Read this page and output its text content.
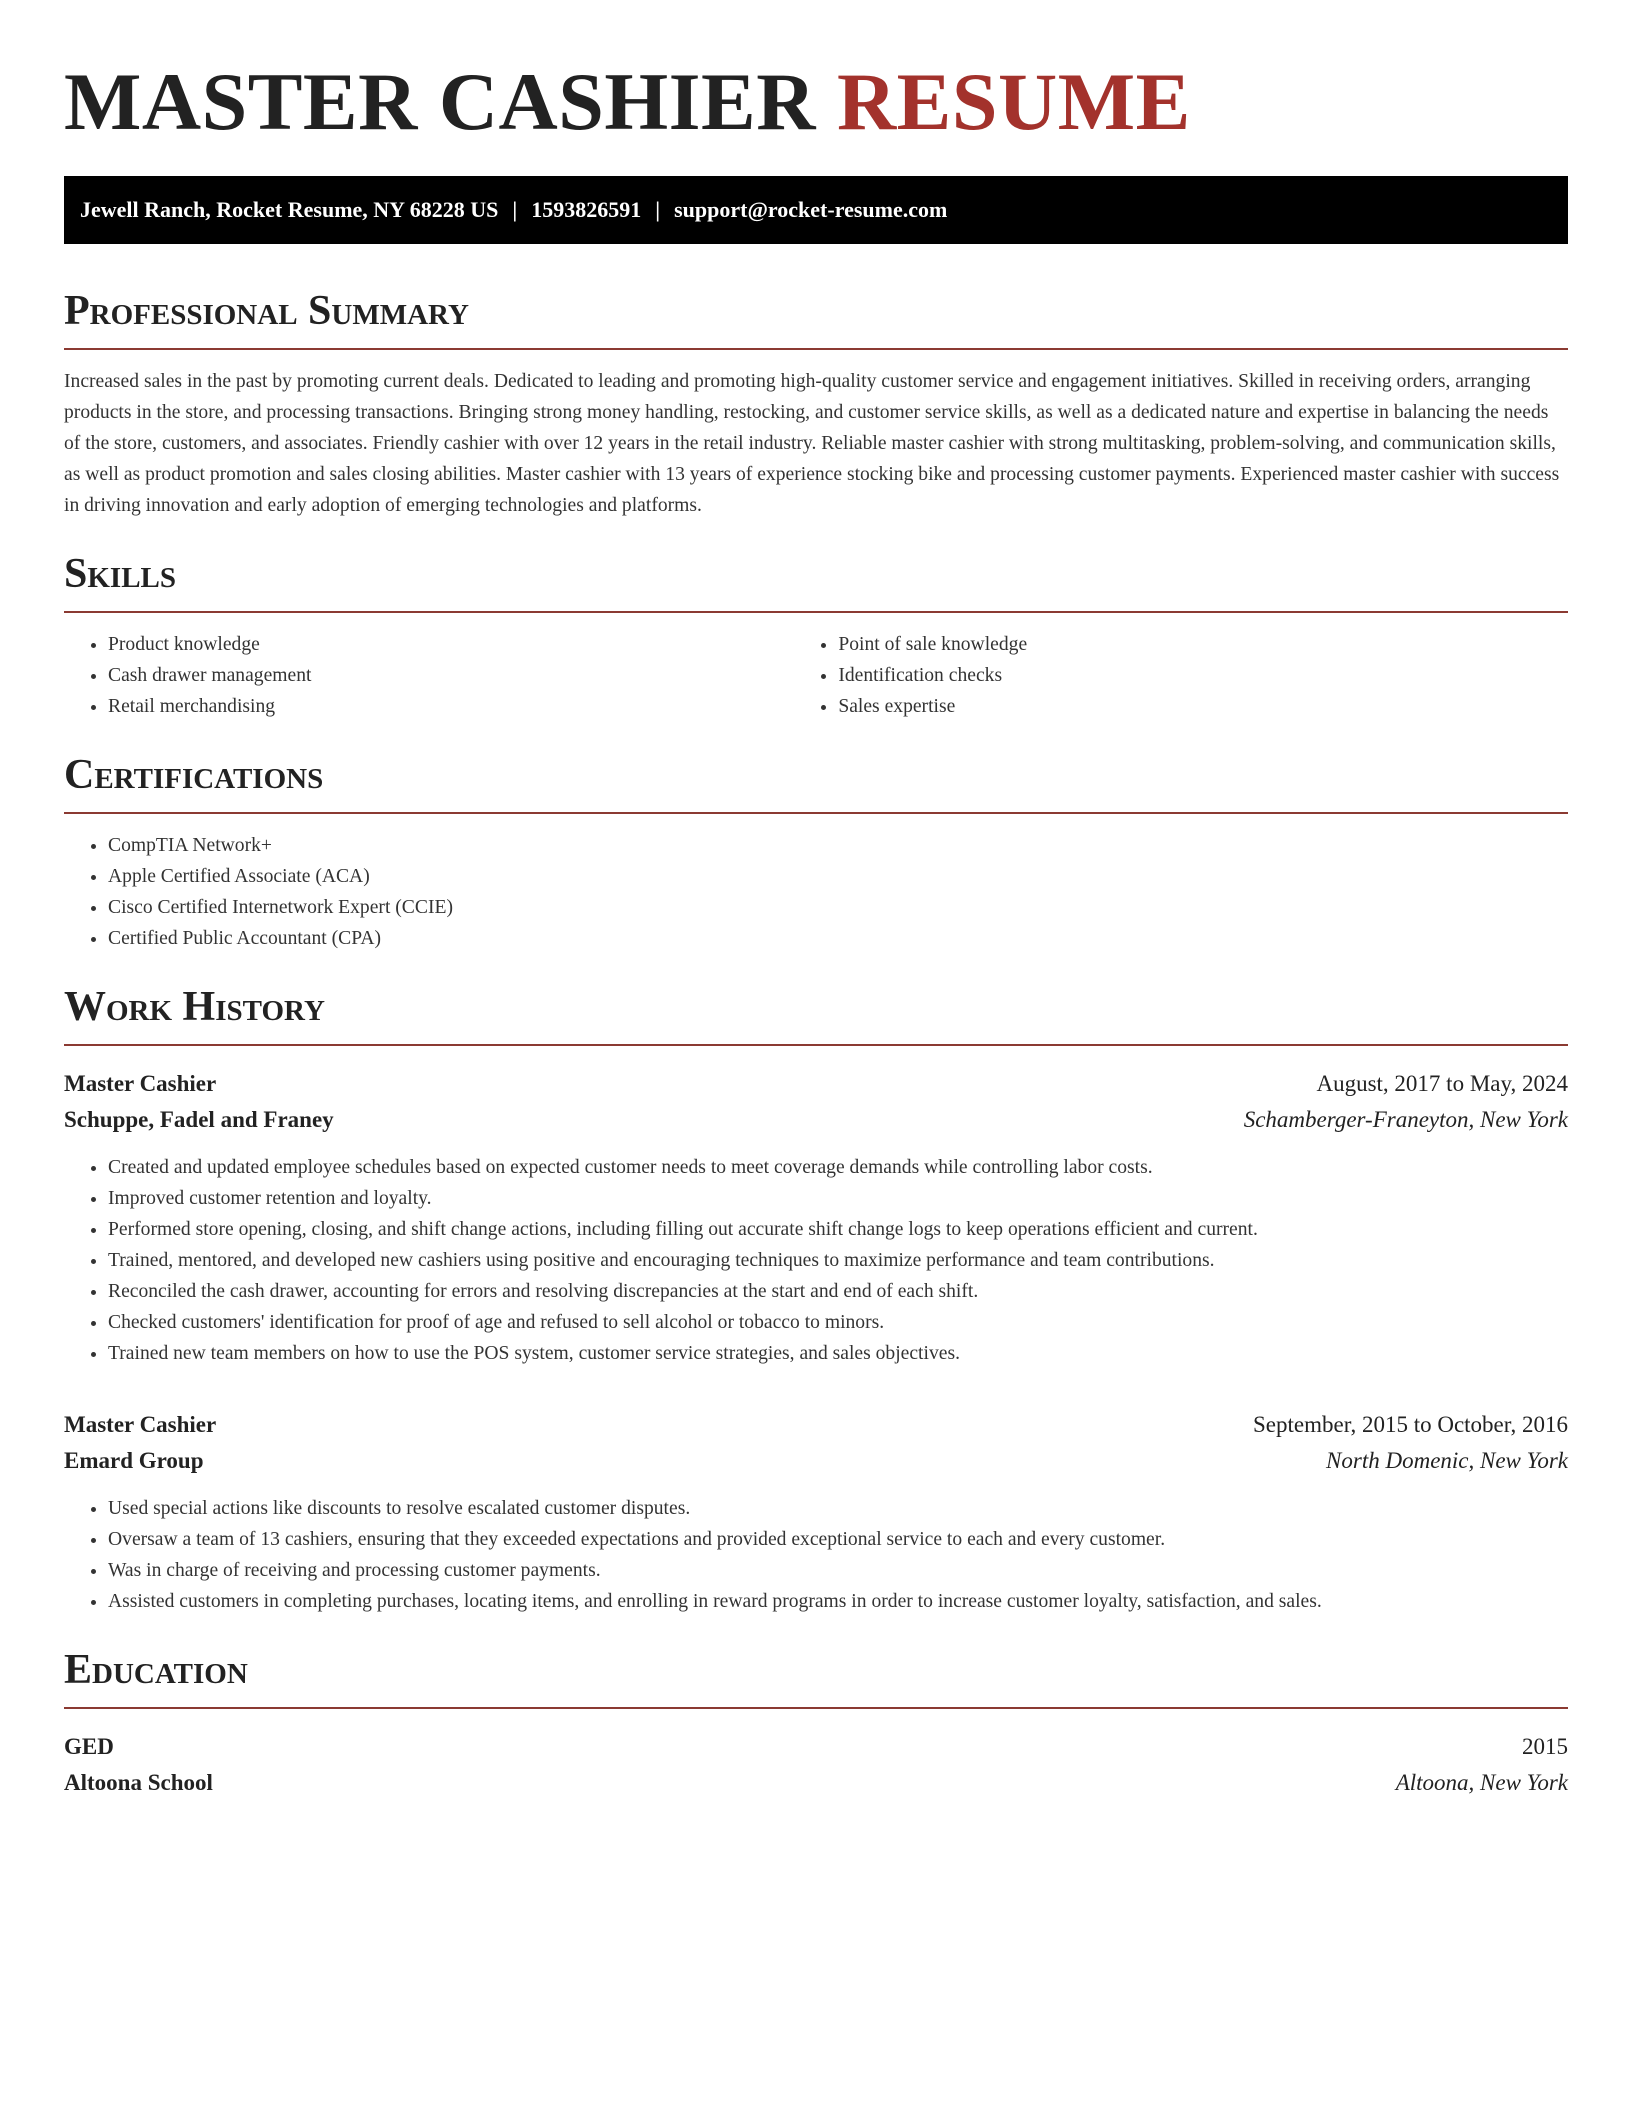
MASTER CASHIER RESUME
Jewell Ranch, Rocket Resume, NY 68228 US | 1593826591 | support@rocket-resume.com
Professional Summary

Increased sales in the past by promoting current deals. Dedicated to leading and promoting high-quality customer service and engagement initiatives. Skilled in receiving orders, arranging products in the store, and processing transactions. Bringing strong money handling, restocking, and customer service skills, as well as a dedicated nature and expertise in balancing the needs of the store, customers, and associates. Friendly cashier with over 12 years in the retail industry. Reliable master cashier with strong multitasking, problem-solving, and communication skills, as well as product promotion and sales closing abilities. Master cashier with 13 years of experience stocking bike and processing customer payments. Experienced master cashier with success in driving innovation and early adoption of emerging technologies and platforms.

Skills
• Product knowledge
• Cash drawer management
• Retail merchandising
• Point of sale knowledge
• Identification checks
• Sales expertise
Certifications
• CompTIA Network+
• Apple Certified Associate (ACA)
• Cisco Certified Internetwork Expert (CCIE)
• Certified Public Accountant (CPA)
Work History
Master Cashier	August, 2017 to May, 2024
Schuppe, Fadel and Franey	Schamberger-Franeyton, New York
• Created and updated employee schedules based on expected customer needs to meet coverage demands while controlling labor costs.
• Improved customer retention and loyalty.
• Performed store opening, closing, and shift change actions, including filling out accurate shift change logs to keep operations efficient and current.
• Trained, mentored, and developed new cashiers using positive and encouraging techniques to maximize performance and team contributions.
• Reconciled the cash drawer, accounting for errors and resolving discrepancies at the start and end of each shift.
• Checked customers' identification for proof of age and refused to sell alcohol or tobacco to minors.
• Trained new team members on how to use the POS system, customer service strategies, and sales objectives.
Master Cashier	September, 2015 to October, 2016
Emard Group	North Domenic, New York
• Used special actions like discounts to resolve escalated customer disputes.
• Oversaw a team of 13 cashiers, ensuring that they exceeded expectations and provided exceptional service to each and every customer.
• Was in charge of receiving and processing customer payments.
• Assisted customers in completing purchases, locating items, and enrolling in reward programs in order to increase customer loyalty, satisfaction, and sales.
Education
GED	2015
Altoona School	Altoona, New York
